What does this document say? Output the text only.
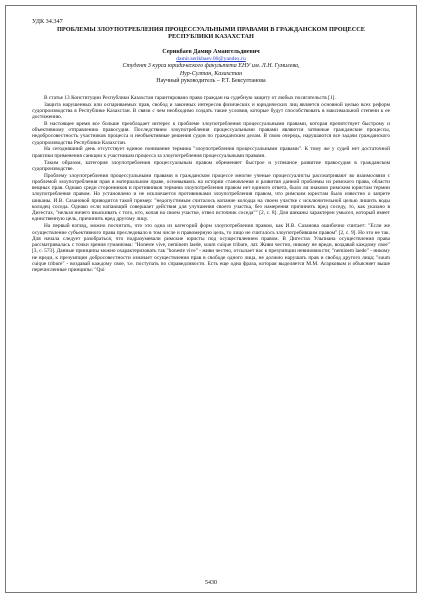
УДК 34.347
ПРОБЛЕМЫ ЗЛОУПОТРЕБЛЕНИЯ ПРОЦЕССУАЛЬНЫМИ ПРАВАМИ В ГРАЖДАНСКОМ ПРОЦЕССЕ РЕСПУБЛИКИ КАЗАХСТАН
Серикбаев Дамир Амангельдиевич
damir.serikbaev.00@yandex.ru
Студент 3 курса юридического факультета ЕНУ им. Л.Н. Гумилева,
Нур-Султан, Казахстан
Научный руководитель – Р.Т. Бексултанова

В статье 13 Конституции Республики Казахстан гарантировано право граждан на судебную защиту от любых посягательств [1].

Защита нарушенных или оспариваемых прав, свобод и законных интересов физических и юридических лиц является основной целью всех реформ судопроизводства в Республике Казахстан. В связи с чем необходимо создать такие условия, которые будут способствовать в максимальной степени к ее достижению.

В настоящее время все больше преобладает интерес к проблеме злоупотребления процессуальными правами, которая препятствует быстрому и объективному отправлению правосудия. Последствием злоупотребления процессуальными правами являются затяжные гражданские процессы, недобросовестность участников процесса и необъективные решения судов по гражданским делам. В свою очередь, нарушаются все задачи гражданского судопроизводства Республики Казахстан.

На сегодняшний день отсутствует единое понимание термина "злоупотребления процессуальными правами". К тому же у судей нет достаточной практики применения санкции к участникам процесса за злоупотребления процессуальными правами.

Таким образом, категория злоупотребления процессуальным правом обременяет быстрое и успешное развитие правосудия в гражданском судопроизводстве.

Проблему злоупотребления процессуальными правами в гражданском процессе многие ученые процессуалисты рассматривают во взаимосвязи с проблемой злоупотребления прав в материальном праве, основываясь на истории становления и развития данной проблемы из римского права, области вещных прав. Однако среди сторонников и противников термина злоупотребления правом нет единого ответа, было ли знакомо римским юристам термин злоупотребления правом. Но установлено и не исключается противниками злоупотребления правом, что римским юристам было известно о запрете шиканы. И.В. Сазановой приводится такой пример: "недопустимым считалось копание колодца на своем участке с исключительной целью лишить воды колодец соседа. Однако если копающий совершает действия для улучшения своего участка, без намерения причинить вред соседу, то, как указано в Дигестах, "нельзя ничего взыскивать с того, кто, копая на своем участке, отвел источник соседа"" [2, с. 8]. Для шиканы характерен умысел, который имеет единственную цель, причинить вред другому лицу.

На первый взгляд, можно посчитать, что это одна из категорий форм злоупотребления правом, как И.В. Сазанова ошибочно считает: "Если же осуществление субъективного права преследовало в том числе и правомерную цель, то лицо не считалось злоупотребившим правом" [2, с. 9]. Но это не так. Для начала следует разобраться, что подразумевали римские юристы под осуществлением правом. В Дигестах Ульпиана осуществления права рассматривалась с точки зрения гуманизма: "Honeste vive, neminem laede, suum cuique tribure, лат. Живи честно, никому не вреди, воздавай каждому свое" [3, с. 573]. Данные принципы можно охарактеризовать так "honeste vive" - живи честно, отсылает нас к презумпции невиновности; "neminem laede" - никому не вреди, к презумпции добросовестности означает осуществления прав в свободе одного лица, не должно нарушать прав и свобод другого лица; "suum cuique tribure" - воздавай каждому свое, т.е. поступать по справедливости. Есть еще одна фраза, которая выделяется М.М. Агарковым и объясняет выше перечисленные принципы: "Qui

5430
